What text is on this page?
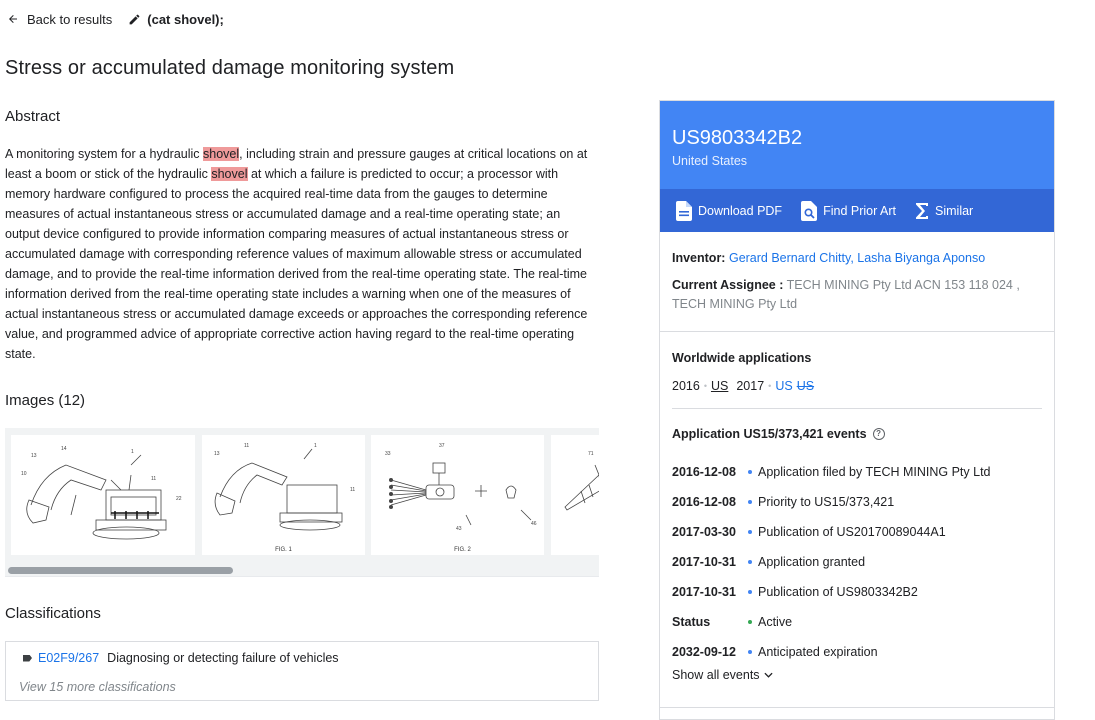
Back to results	(cat shovel);
Stress or accumulated damage monitoring system
Abstract

A monitoring system for a hydraulic shovel, including strain and pressure gauges at critical locations on at least a boom or stick of the hydraulic shovel at which a failure is predicted to occur; a processor with memory hardware configured to process the acquired real-time data from the gauges to determine measures of actual instantaneous stress or accumulated damage and a real-time operating state; an output device configured to provide information comparing measures of actual instantaneous stress or accumulated damage with corresponding reference values of maximum allowable stress or accumulated damage, and to provide the real-time information derived from the real-time operating state. The real-time information derived from the real-time operating state includes a warning when one of the measures of actual instantaneous stress or accumulated damage exceeds or approaches the corresponding reference value, and programmed advice of appropriate corrective action having regard to the real-time operating state.

Images (12)
1
14
13
11
22
10
1
11
13
11
FIG. 1
37
33
43
46
FIG. 2
71
Classifications
E02F9/267 Diagnosing or detecting failure of vehicles
View 15 more classifications
US9803342B2
United States
Download PDF	Find Prior Art	Similar
Inventor: Gerard Bernard Chitty, Lasha Biyanga Aponso
Current Assignee : TECH MINING Pty Ltd ACN 153 118 024 , TECH MINING Pty Ltd
Worldwide applications
2016 • US 2017 • US US
Application US15/373,421 events	?
2016-12-08	Application filed by TECH MINING Pty Ltd
2016-12-08	Priority to US15/373,421
2017-03-30	Publication of US20170089044A1
2017-10-31	Application granted
2017-10-31	Publication of US9803342B2
Status	Active
2032-09-12	Anticipated expiration
Show all events
